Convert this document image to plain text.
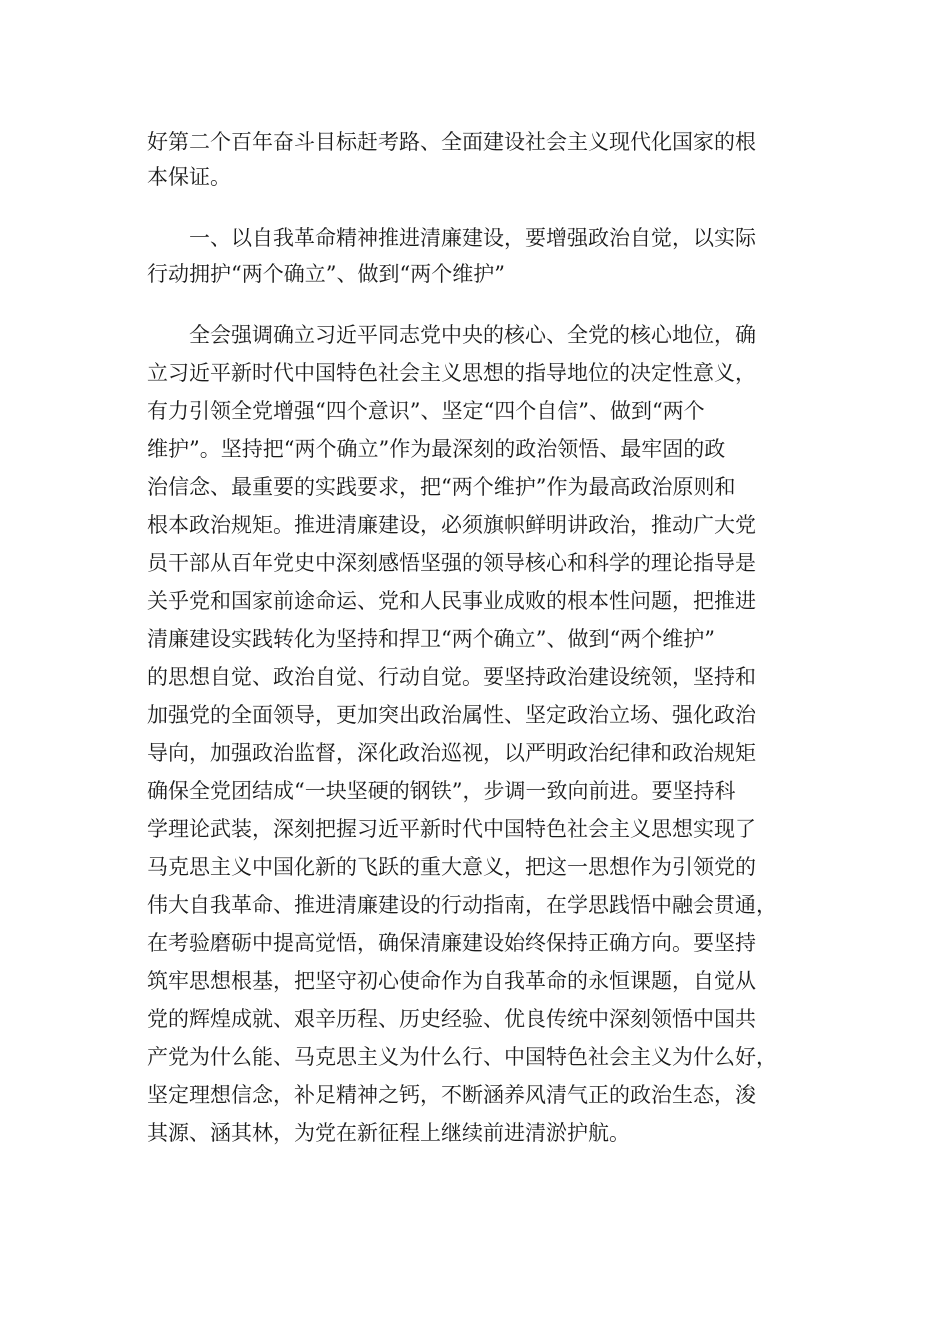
好第二个百年奋斗目标赶考路、全面建设社会主义现代化国家的根

本保证。

一、以自我革命精神推进清廉建设，要增强政治自觉，以实际

行动拥护“两个确立”、做到“两个维护”

全会强调确立习近平同志党中央的核心、全党的核心地位，确

立习近平新时代中国特色社会主义思想的指导地位的决定性意义，

有力引领全党增强“四个意识”、坚定“四个自信”、做到“两个

维护”。坚持把“两个确立”作为最深刻的政治领悟、最牢固的政

治信念、最重要的实践要求，把“两个维护”作为最高政治原则和

根本政治规矩。推进清廉建设，必须旗帜鲜明讲政治，推动广大党

员干部从百年党史中深刻感悟坚强的领导核心和科学的理论指导是

关乎党和国家前途命运、党和人民事业成败的根本性问题，把推进

清廉建设实践转化为坚持和捍卫“两个确立”、做到“两个维护”

的思想自觉、政治自觉、行动自觉。要坚持政治建设统领，坚持和

加强党的全面领导，更加突出政治属性、坚定政治立场、强化政治

导向，加强政治监督，深化政治巡视，以严明政治纪律和政治规矩

确保全党团结成“一块坚硬的钢铁”，步调一致向前进。要坚持科

学理论武装，深刻把握习近平新时代中国特色社会主义思想实现了

马克思主义中国化新的飞跃的重大意义，把这一思想作为引领党的

伟大自我革命、推进清廉建设的行动指南，在学思践悟中融会贯通，

在考验磨砺中提高觉悟，确保清廉建设始终保持正确方向。要坚持

筑牢思想根基，把坚守初心使命作为自我革命的永恒课题，自觉从

党的辉煌成就、艰辛历程、历史经验、优良传统中深刻领悟中国共

产党为什么能、马克思主义为什么行、中国特色社会主义为什么好，

坚定理想信念，补足精神之钙，不断涵养风清气正的政治生态，浚

其源、涵其林，为党在新征程上继续前进清淤护航。
